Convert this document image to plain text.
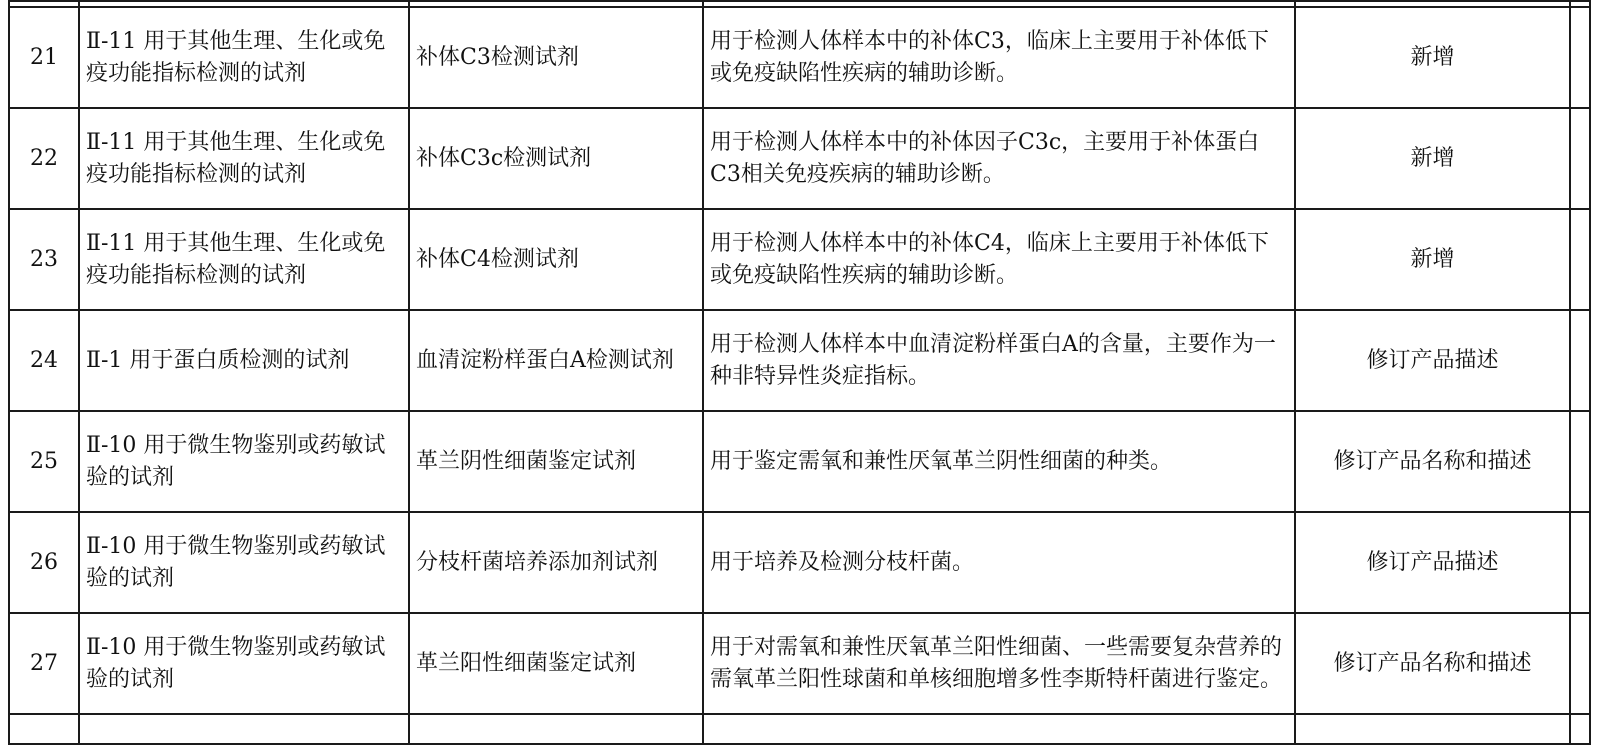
21	Ⅱ-11 用于其他生理、生化或免疫功能指标检测的试剂	补体C3检测试剂	用于检测人体样本中的补体C3，临床上主要用于补体低下或免疫缺陷性疾病的辅助诊断。	新增	
22	Ⅱ-11 用于其他生理、生化或免疫功能指标检测的试剂	补体C3c检测试剂	用于检测人体样本中的补体因子C3c，主要用于补体蛋白C3相关免疫疾病的辅助诊断。	新增	
23	Ⅱ-11 用于其他生理、生化或免疫功能指标检测的试剂	补体C4检测试剂	用于检测人体样本中的补体C4，临床上主要用于补体低下或免疫缺陷性疾病的辅助诊断。	新增	
24	Ⅱ-1 用于蛋白质检测的试剂	血清淀粉样蛋白A检测试剂	用于检测人体样本中血清淀粉样蛋白A的含量，主要作为一种非特异性炎症指标。	修订产品描述	
25	Ⅱ-10 用于微生物鉴别或药敏试验的试剂	革兰阴性细菌鉴定试剂	用于鉴定需氧和兼性厌氧革兰阴性细菌的种类。	修订产品名称和描述	
26	Ⅱ-10 用于微生物鉴别或药敏试验的试剂	分枝杆菌培养添加剂试剂	用于培养及检测分枝杆菌。	修订产品描述	
27	Ⅱ-10 用于微生物鉴别或药敏试验的试剂	革兰阳性细菌鉴定试剂	用于对需氧和兼性厌氧革兰阳性细菌、一些需要复杂营养的需氧革兰阳性球菌和单核细胞增多性李斯特杆菌进行鉴定。	修订产品名称和描述	
